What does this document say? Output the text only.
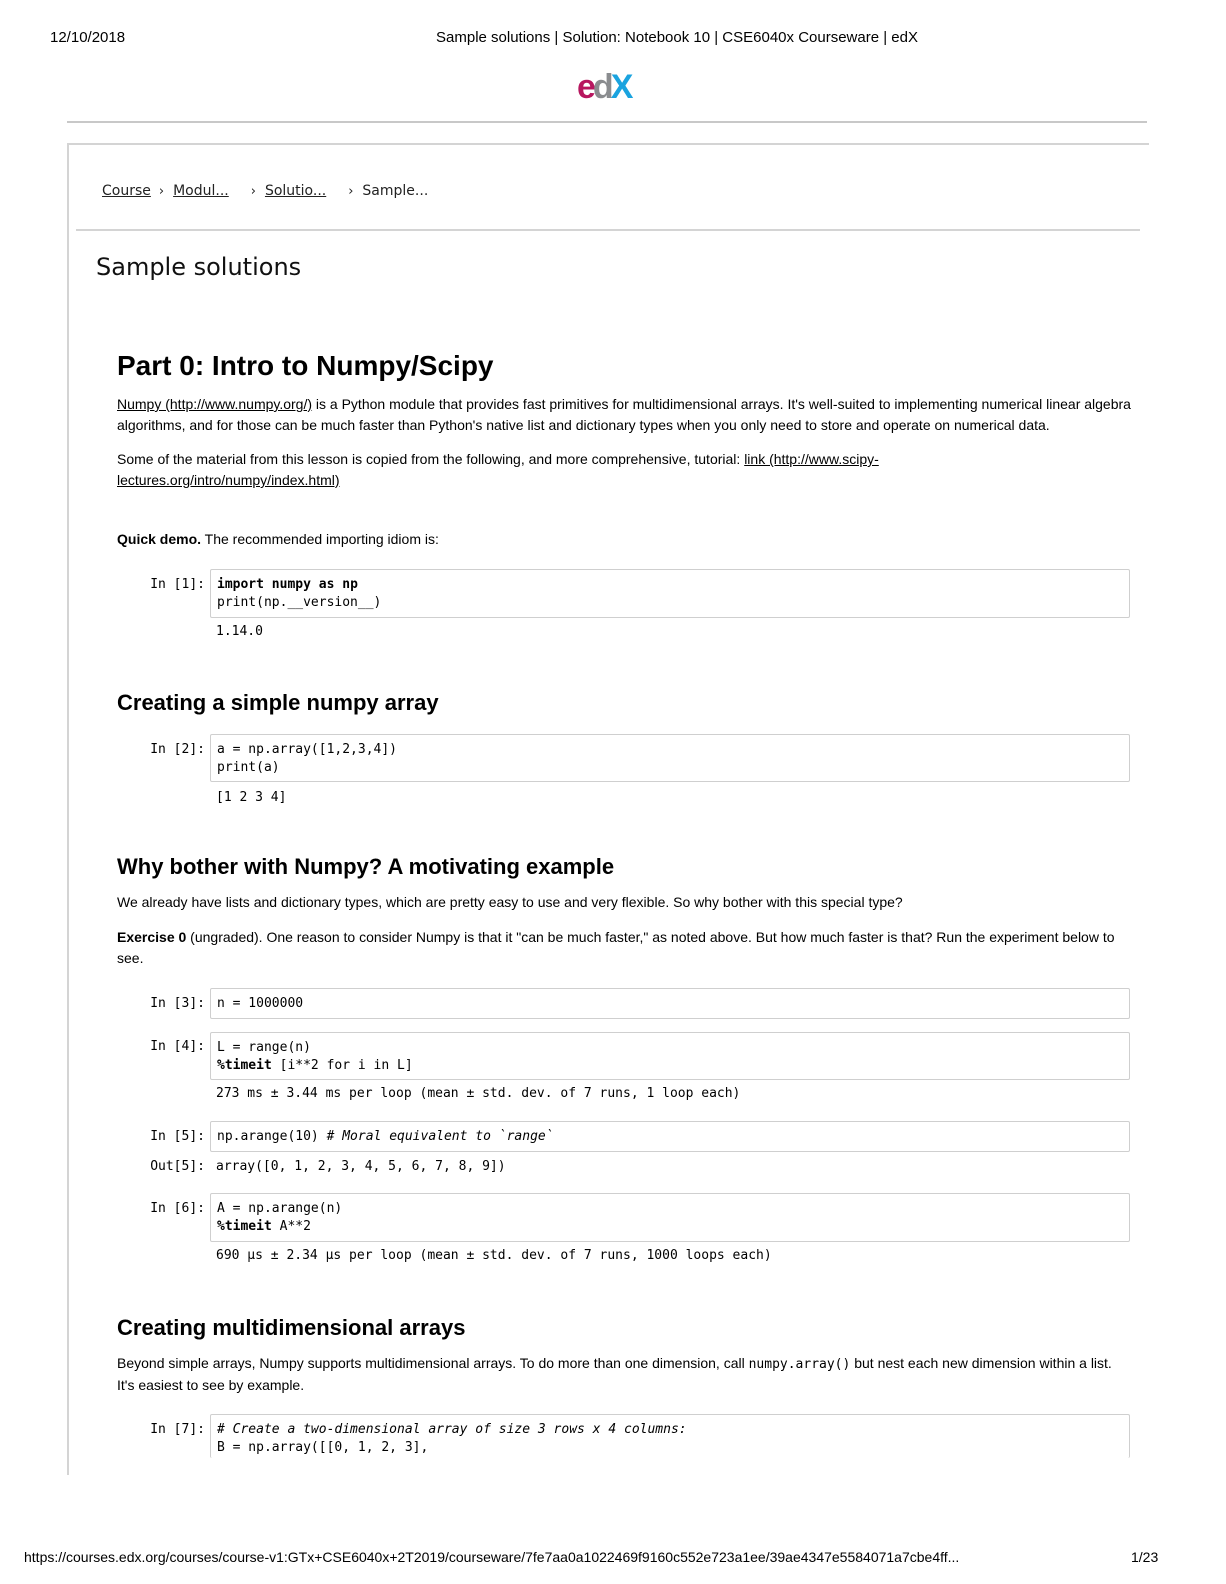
12/10/2018	Sample solutions | Solution: Notebook 10 | CSE6040x Courseware | edX
edX
Course › Modul... › Solutio... › Sample...
Sample solutions
Part 0: Intro to Numpy/Scipy

Numpy (http://www.numpy.org/) is a Python module that provides fast primitives for multidimensional arrays. It's well-suited to implementing numerical linear algebra algorithms, and for those can be much faster than Python's native list and dictionary types when you only need to store and operate on numerical data.

Some of the material from this lesson is copied from the following, and more comprehensive, tutorial: link (http://www.scipy-lectures.org/intro/numpy/index.html)

Quick demo. The recommended importing idiom is:

In [1]: import numpy as np
print(np.__version__)
1.14.0
Creating a simple numpy array
In [2]: a = np.array([1,2,3,4])
print(a)
[1 2 3 4]
Why bother with Numpy? A motivating example

We already have lists and dictionary types, which are pretty easy to use and very flexible. So why bother with this special type?

Exercise 0 (ungraded). One reason to consider Numpy is that it "can be much faster," as noted above. But how much faster is that? Run the experiment below to see.

In [3]: n = 1000000
In [4]: L = range(n)
%timeit [i**2 for i in L]
273 ms ± 3.44 ms per loop (mean ± std. dev. of 7 runs, 1 loop each)
In [5]: np.arange(10) # Moral equivalent to `range`
Out[5]: array([0, 1, 2, 3, 4, 5, 6, 7, 8, 9])
In [6]: A = np.arange(n)
%timeit A**2
690 µs ± 2.34 µs per loop (mean ± std. dev. of 7 runs, 1000 loops each)
Creating multidimensional arrays

Beyond simple arrays, Numpy supports multidimensional arrays. To do more than one dimension, call numpy.array() but nest each new dimension within a list. It's easiest to see by example.

In [7]: # Create a two-dimensional array of size 3 rows x 4 columns:
B = np.array([[0, 1, 2, 3],
https://courses.edx.org/courses/course-v1:GTx+CSE6040x+2T2019/courseware/7fe7aa0a1022469f9160c552e723a1ee/39ae4347e5584071a7cbe4ff...	1/23
